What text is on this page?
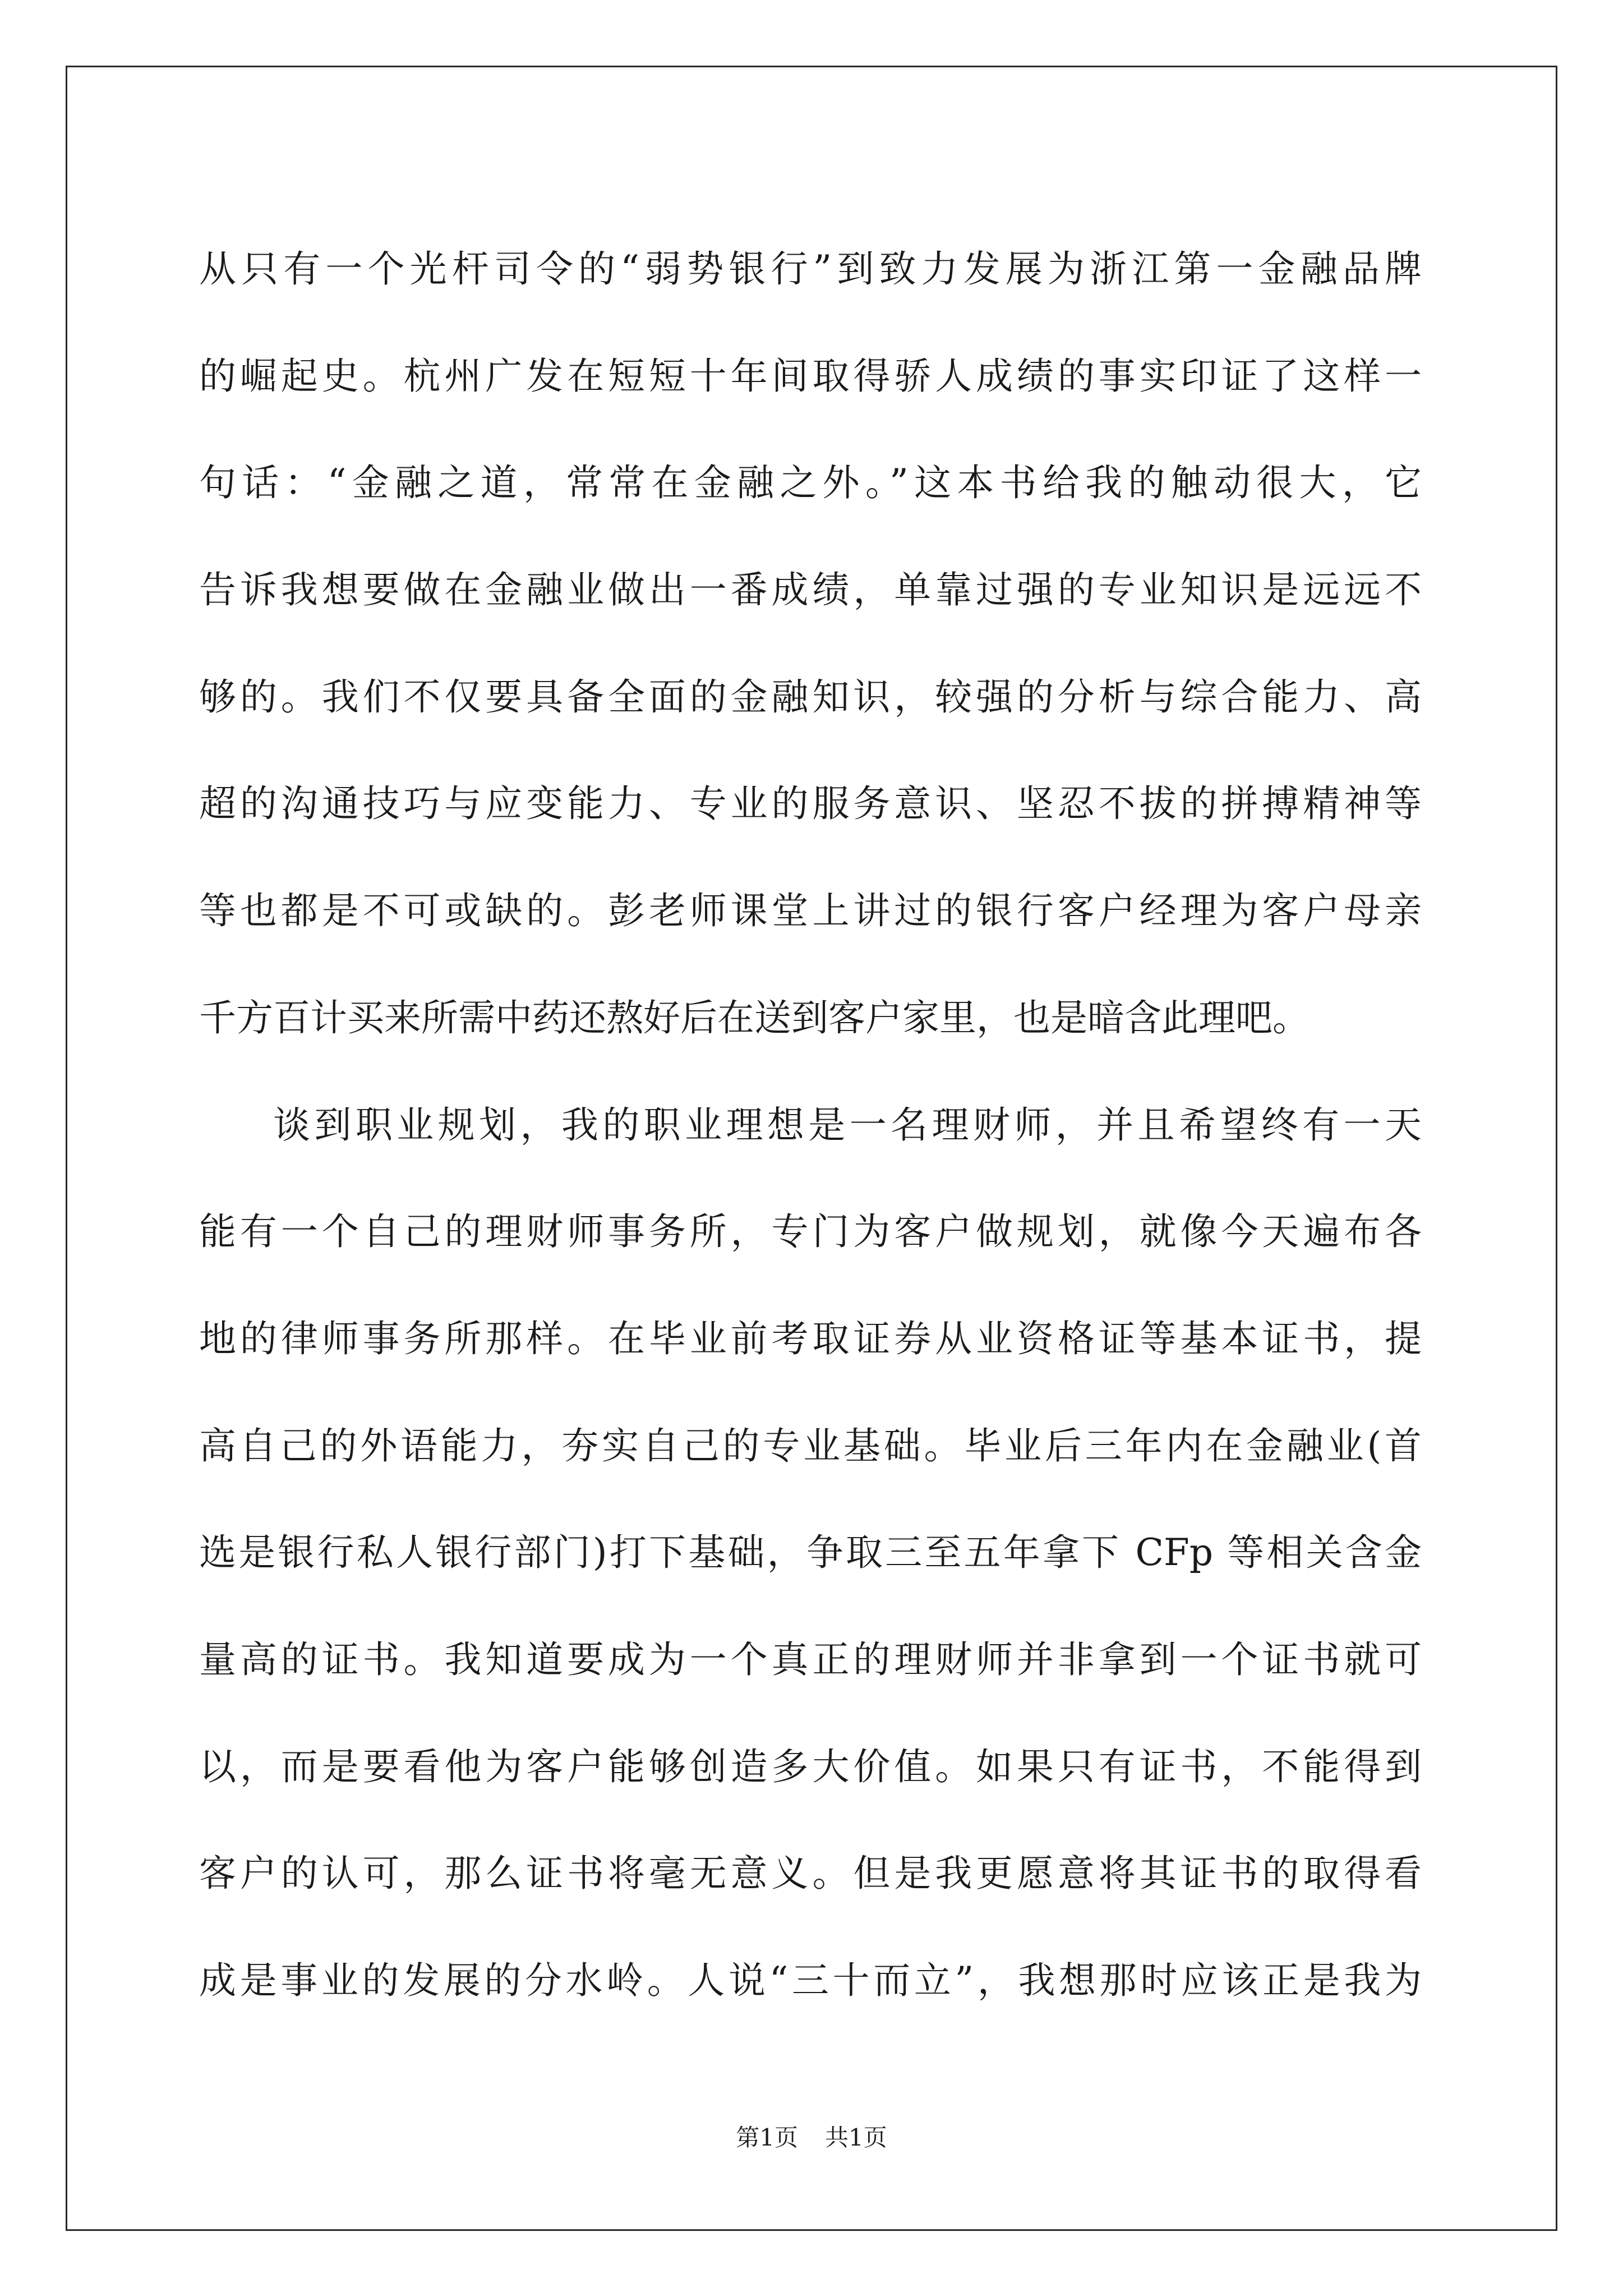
从只有一个光杆司令的“弱势银行”到致力发展为浙江第一金融品牌
的崛起史。杭州广发在短短十年间取得骄人成绩的事实印证了这样一
句话：“金融之道，常常在金融之外。”这本书给我的触动很大，它
告诉我想要做在金融业做出一番成绩，单靠过强的专业知识是远远不
够的。我们不仅要具备全面的金融知识，较强的分析与综合能力、高
超的沟通技巧与应变能力、专业的服务意识、坚忍不拔的拼搏精神等
等也都是不可或缺的。彭老师课堂上讲过的银行客户经理为客户母亲
千方百计买来所需中药还熬好后在送到客户家里，也是暗含此理吧。
谈到职业规划，我的职业理想是一名理财师，并且希望终有一天
能有一个自己的理财师事务所，专门为客户做规划，就像今天遍布各
地的律师事务所那样。在毕业前考取证券从业资格证等基本证书，提
高自己的外语能力，夯实自己的专业基础。毕业后三年内在金融业(首
选是银行私人银行部门)打下基础，争取三至五年拿下 CFp 等相关含金
量高的证书。我知道要成为一个真正的理财师并非拿到一个证书就可
以，而是要看他为客户能够创造多大价值。如果只有证书，不能得到
客户的认可，那么证书将毫无意义。但是我更愿意将其证书的取得看
成是事业的发展的分水岭。人说“三十而立”，我想那时应该正是我为
第1页 共1页
